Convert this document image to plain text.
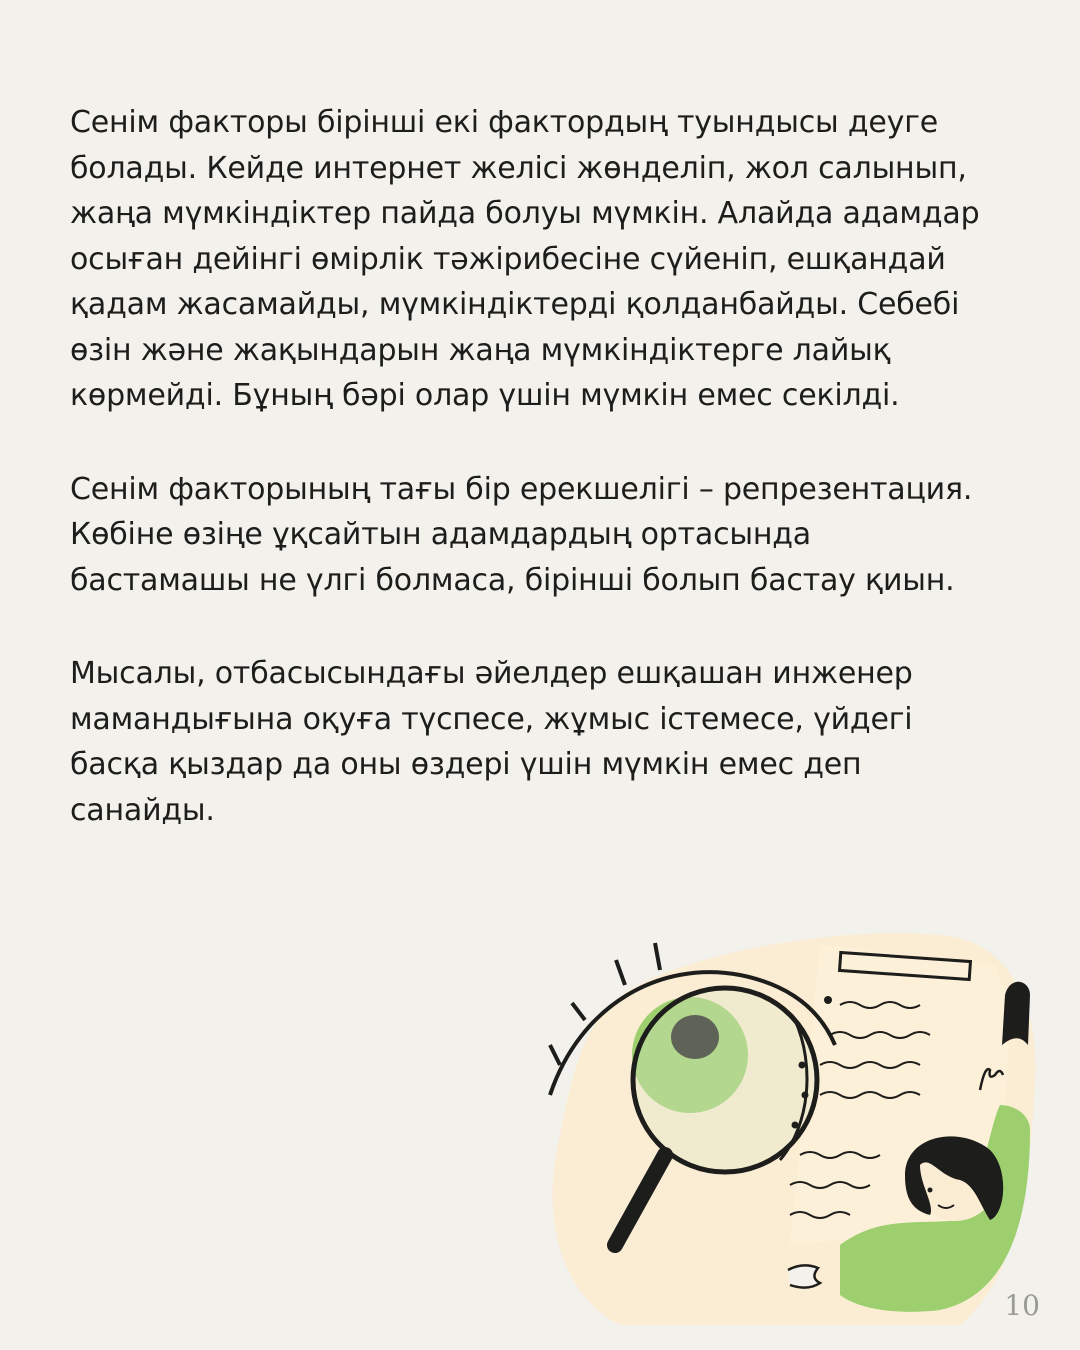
Сенім факторы бірінші екі фактордың туындысы деуге
болады. Кейде интернет желісі жөнделіп, жол салынып,
жаңа мүмкіндіктер пайда болуы мүмкін. Алайда адамдар
осыған дейінгі өмірлік тәжірибесіне сүйеніп, ешқандай
қадам жасамайды, мүмкіндіктерді қолданбайды. Себебі
өзін және жақындарын жаңа мүмкіндіктерге лайық
көрмейді. Бұның бәрі олар үшін мүмкін емес секілді.

Сенім факторының тағы бір ерекшелігі – репрезентация.
Көбіне өзіңе ұқсайтын адамдардың ортасында
бастамашы не үлгі болмаса, бірінші болып бастау қиын.

Мысалы, отбасысындағы әйелдер ешқашан инженер
мамандығына оқуға түспесе, жұмыс істемесе, үйдегі
басқа қыздар да оны өздері үшін мүмкін емес деп
санайды.

10
